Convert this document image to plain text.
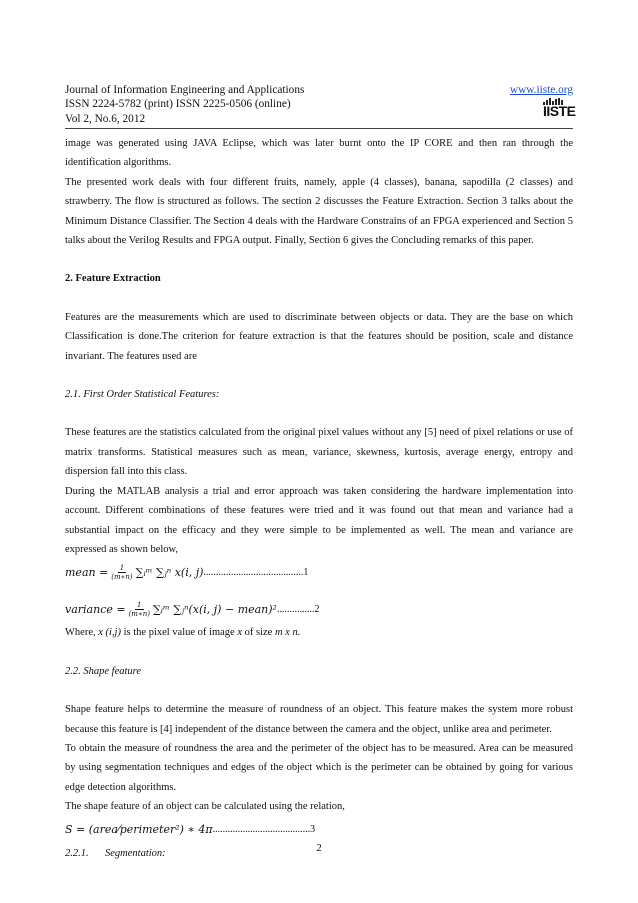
Journal of Information Engineering and Applications
ISSN 2224-5782 (print) ISSN 2225-0506 (online)
Vol 2, No.6, 2012
www.iiste.org
IISTE

image was generated using JAVA Eclipse, which was later burnt onto the IP CORE and then ran through the identification algorithms.

The presented work deals with four different fruits, namely, apple (4 classes), banana, sapodilla (2 classes) and strawberry. The flow is structured as follows. The section 2 discusses the Feature Extraction. Section 3 talks about the Minimum Distance Classifier. The Section 4 deals with the Hardware Constrains of an FPGA experienced and Section 5 talks about the Verilog Results and FPGA output. Finally, Section 6 gives the Concluding remarks of this paper.

2. Feature Extraction

Features are the measurements which are used to discriminate between objects or data. They are the base on which Classification is done.The criterion for feature extraction is that the features should be position, scale and distance invariant. The features used are

2.1. First Order Statistical Features:

These features are the statistics calculated from the original pixel values without any [5] need of pixel relations or use of matrix transforms. Statistical measures such as mean, variance, skewness, kurtosis, average energy, entropy and dispersion fall into this class.

During the MATLAB analysis a trial and error approach was taken considering the hardware implementation into account. Different combinations of these features were tried and it was found out that mean and variance had a substantial impact on the efficacy and they were simple to be implemented as well. The mean and variance are expressed as shown below,

mean = $\frac{1}{(m∗n)}$ ∑ᵢᵐ ∑ⱼⁿ x(i, j) ........................................1
variance = $\frac{1}{(m∗n)}$ ∑ᵢᵐ ∑ⱼⁿ(x(i, j) − mean)² ...............2

Where, x (i,j) is the pixel value of image x of size m x n.

2.2. Shape feature

Shape feature helps to determine the measure of roundness of an object. This feature makes the system more robust because this feature is [4] independent of the distance between the camera and the object, unlike area and perimeter.

To obtain the measure of roundness the area and the perimeter of the object has to be measured. Area can be measured by using segmentation techniques and edges of the object which is the perimeter can be obtained by going for various edge detection algorithms.

The shape feature of an object can be calculated using the relation,

S = (area⁄perimeter²) ∗ 4π .......................................3

2.2.1.	Segmentation:	2
